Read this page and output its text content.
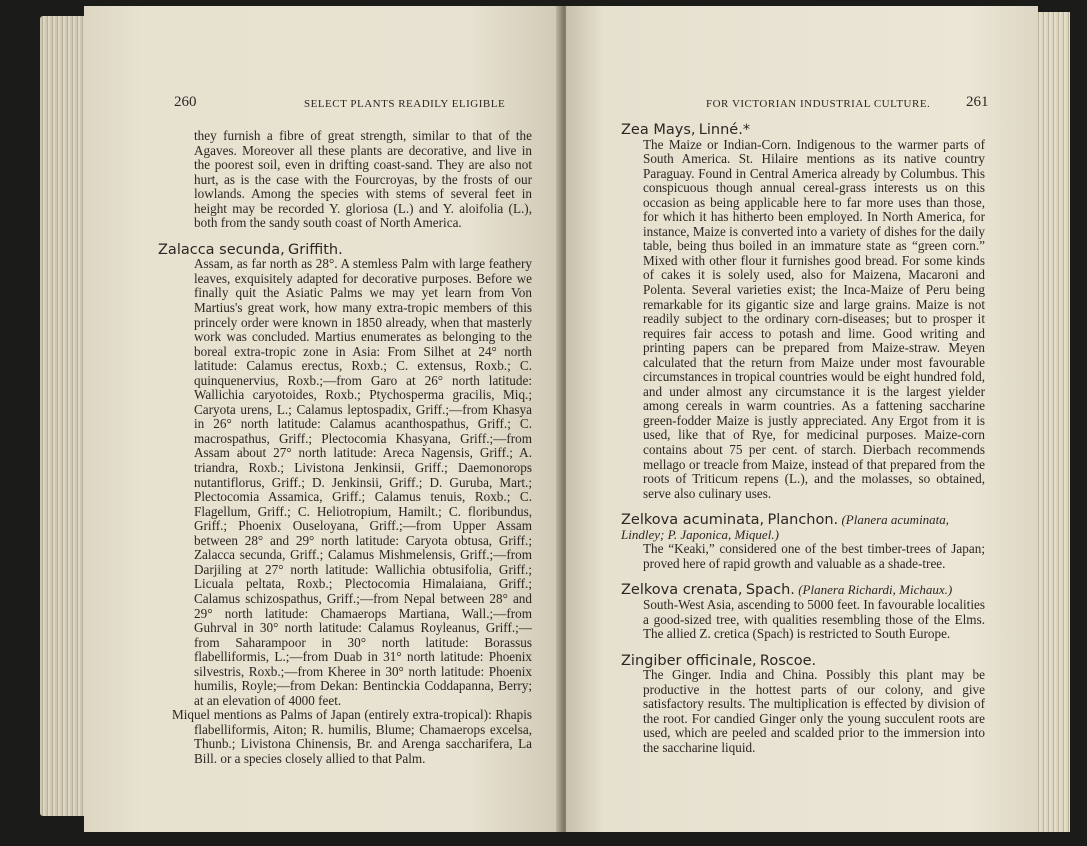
260	SELECT PLANTS READILY ELIGIBLE

they furnish a fibre of great strength, similar to that of the Agaves. Moreover all these plants are decorative, and live in the poorest soil, even in drifting coast-sand. They are also not hurt, as is the case with the Fourcroyas, by the frosts of our lowlands. Among the species with stems of several feet in height may be recorded Y. gloriosa (L.) and Y. aloifolia (L.), both from the sandy south coast of North America.

Zalacca secunda, Griffith.

Assam, as far north as 28°. A stemless Palm with large feathery leaves, exquisitely adapted for decorative purposes. Before we finally quit the Asiatic Palms we may yet learn from Von Martius's great work, how many extra-tropic members of this princely order were known in 1850 already, when that masterly work was concluded. Martius enumerates as belonging to the boreal extra-tropic zone in Asia: From Silhet at 24° north latitude: Calamus erectus, Roxb.; C. extensus, Roxb.; C. quinquenervius, Roxb.;—from Garo at 26° north latitude: Wallichia caryotoides, Roxb.; Ptychosperma gracilis, Miq.; Caryota urens, L.; Calamus leptospadix, Griff.;—from Khasya in 26° north latitude: Calamus acanthospathus, Griff.; C. macrospathus, Griff.; Plectocomia Khasyana, Griff.;—from Assam about 27° north latitude: Areca Nagensis, Griff.; A. triandra, Roxb.; Livistona Jenkinsii, Griff.; Daemonorops nutantiflorus, Griff.; D. Jenkinsii, Griff.; D. Guruba, Mart.; Plectocomia Assamica, Griff.; Calamus tenuis, Roxb.; C. Flagellum, Griff.; C. Heliotropium, Hamilt.; C. floribundus, Griff.; Phoenix Ouseloyana, Griff.;—from Upper Assam between 28° and 29° north latitude: Caryota obtusa, Griff.; Zalacca secunda, Griff.; Calamus Mishmelensis, Griff.;—from Darjiling at 27° north latitude: Wallichia obtusifolia, Griff.; Licuala peltata, Roxb.; Plectocomia Himalaiana, Griff.; Calamus schizospathus, Griff.;—from Nepal between 28° and 29° north latitude: Chamaerops Martiana, Wall.;—from Guhrval in 30° north latitude: Calamus Royleanus, Griff.;—from Saharampoor in 30° north latitude: Borassus flabelliformis, L.;—from Duab in 31° north latitude: Phoenix silvestris, Roxb.;—from Kheree in 30° north latitude: Phoenix humilis, Royle;—from Dekan: Bentinckia Coddapanna, Berry; at an elevation of 4000 feet.

Miquel mentions as Palms of Japan (entirely extra-tropical): Rhapis flabelliformis, Aiton; R. humilis, Blume; Chamaerops excelsa, Thunb.; Livistona Chinensis, Br. and Arenga saccharifera, La Bill. or a species closely allied to that Palm.

FOR VICTORIAN INDUSTRIAL CULTURE. 261
Zea Mays, Linné.*

The Maize or Indian-Corn. Indigenous to the warmer parts of South America. St. Hilaire mentions as its native country Paraguay. Found in Central America already by Columbus. This conspicuous though annual cereal-grass interests us on this occasion as being applicable here to far more uses than those, for which it has hitherto been employed. In North America, for instance, Maize is converted into a variety of dishes for the daily table, being thus boiled in an immature state as “green corn.” Mixed with other flour it furnishes good bread. For some kinds of cakes it is solely used, also for Maizena, Macaroni and Polenta. Several varieties exist; the Inca-Maize of Peru being remarkable for its gigantic size and large grains. Maize is not readily subject to the ordinary corn-diseases; but to prosper it requires fair access to potash and lime. Good writing and printing papers can be prepared from Maize-straw. Meyen calculated that the return from Maize under most favourable circumstances in tropical countries would be eight hundred fold, and under almost any circumstance it is the largest yielder among cereals in warm countries. As a fattening saccharine green-fodder Maize is justly appreciated. Any Ergot from it is used, like that of Rye, for medicinal purposes. Maize-corn contains about 75 per cent. of starch. Dierbach recommends mellago or treacle from Maize, instead of that prepared from the roots of Triticum repens (L.), and the molasses, so obtained, serve also culinary uses.

Zelkova acuminata, Planchon. (Planera acuminata, Lindley; P. Japonica, Miquel.)

The “Keaki,” considered one of the best timber-trees of Japan; proved here of rapid growth and valuable as a shade-tree.

Zelkova crenata, Spach. (Planera Richardi, Michaux.)

South-West Asia, ascending to 5000 feet. In favourable localities a good-sized tree, with qualities resembling those of the Elms. The allied Z. cretica (Spach) is restricted to South Europe.

Zingiber officinale, Roscoe.

The Ginger. India and China. Possibly this plant may be productive in the hottest parts of our colony, and give satisfactory results. The multiplication is effected by division of the root. For candied Ginger only the young succulent roots are used, which are peeled and scalded prior to the immersion into the saccharine liquid.
